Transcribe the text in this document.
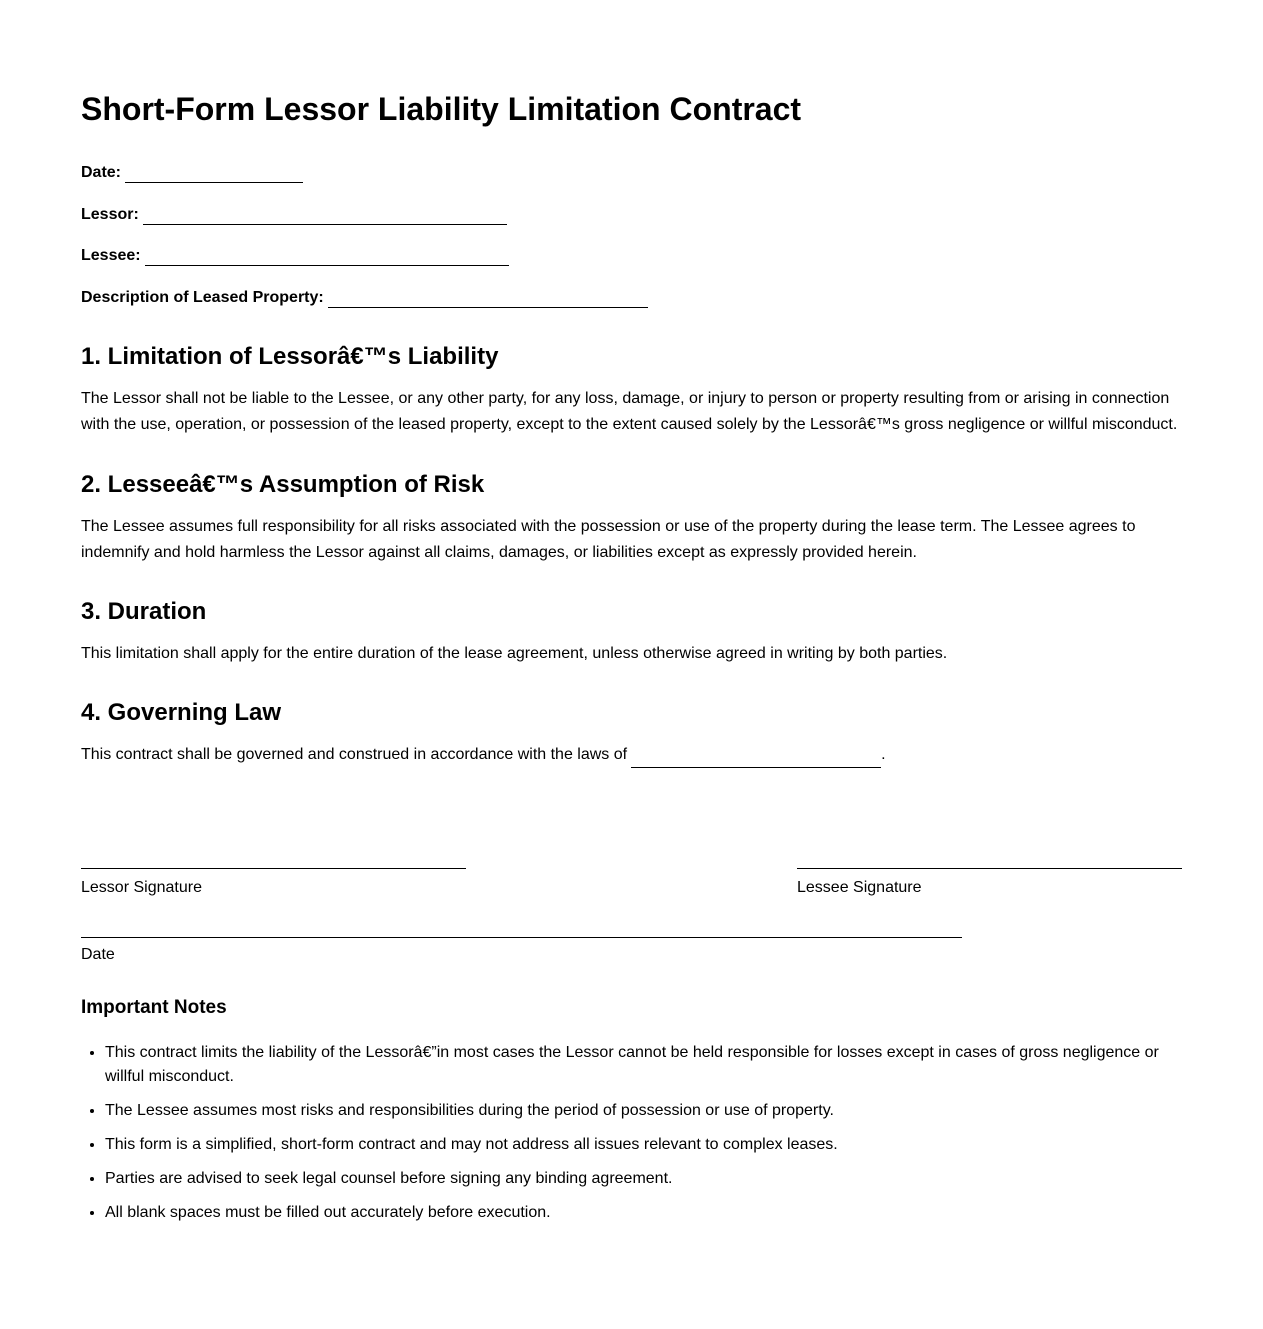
Short-Form Lessor Liability Limitation Contract
Date:
Lessor:
Lessee:
Description of Leased Property:
1. Limitation of Lessorâ€™s Liability
The Lessor shall not be liable to the Lessee, or any other party, for any loss, damage, or injury to person or property resulting from or arising in connection with the use, operation, or possession of the leased property, except to the extent caused solely by the Lessorâ€™s gross negligence or willful misconduct.
2. Lesseeâ€™s Assumption of Risk
The Lessee assumes full responsibility for all risks associated with the possession or use of the property during the lease term. The Lessee agrees to indemnify and hold harmless the Lessor against all claims, damages, or liabilities except as expressly provided herein.
3. Duration
This limitation shall apply for the entire duration of the lease agreement, unless otherwise agreed in writing by both parties.
4. Governing Law
This contract shall be governed and construed in accordance with the laws of	.
Lessor Signature	Lessee Signature
Date
Important Notes
• This contract limits the liability of the Lessorâ€”in most cases the Lessor cannot be held responsible for losses except in cases of gross negligence or willful misconduct.
• The Lessee assumes most risks and responsibilities during the period of possession or use of property.
• This form is a simplified, short-form contract and may not address all issues relevant to complex leases.
• Parties are advised to seek legal counsel before signing any binding agreement.
• All blank spaces must be filled out accurately before execution.
